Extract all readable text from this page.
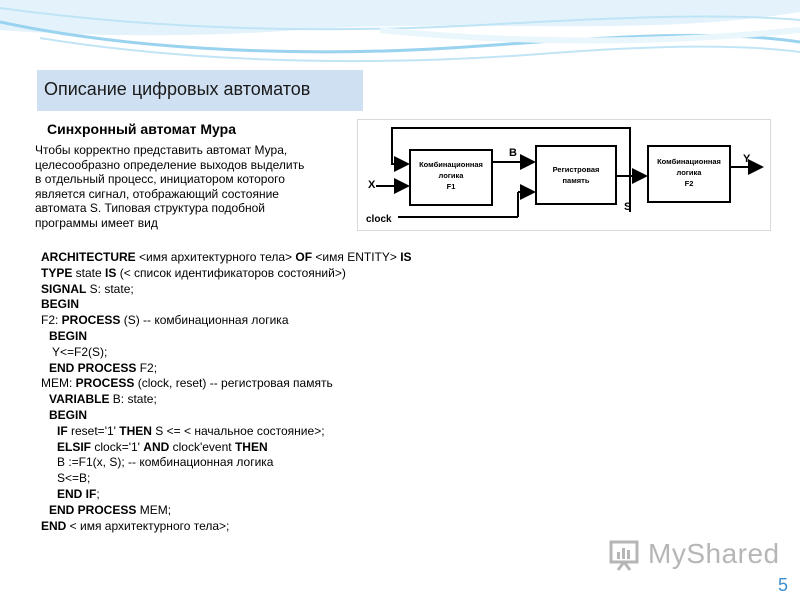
Описание цифровых автоматов
Синхронный автомат Мура
Чтобы корректно представить автомат Мура,
целесообразно определение выходов выделить
в отдельный процесс, инициатором которого
является сигнал, отображающий состояние
автомата S. Типовая структура подобной
программы имеет вид
Комбинационная
логика
F1
Регистровая
память
Комбинационная
логика
F2
X
clock
B
S
Y
ARCHITECTURE <имя архитектурного тела> OF <имя ENTITY> IS
TYPE state IS (< список идентификаторов состояний>)
SIGNAL S: state;
BEGIN
F2: PROCESS (S) -- комбинационная логика
BEGIN
Y<=F2(S);
END PROCESS F2;
MEM: PROCESS (clock, reset) -- регистровая память
VARIABLE B: state;
BEGIN
IF reset='1' THEN S <= < начальное состояние>;
ELSIF clock='1' AND clock'event THEN
B :=F1(x, S); -- комбинационная логика
S<=B;
END IF;
END PROCESS MEM;
END < имя архитектурного тела>;
MyShared
5
